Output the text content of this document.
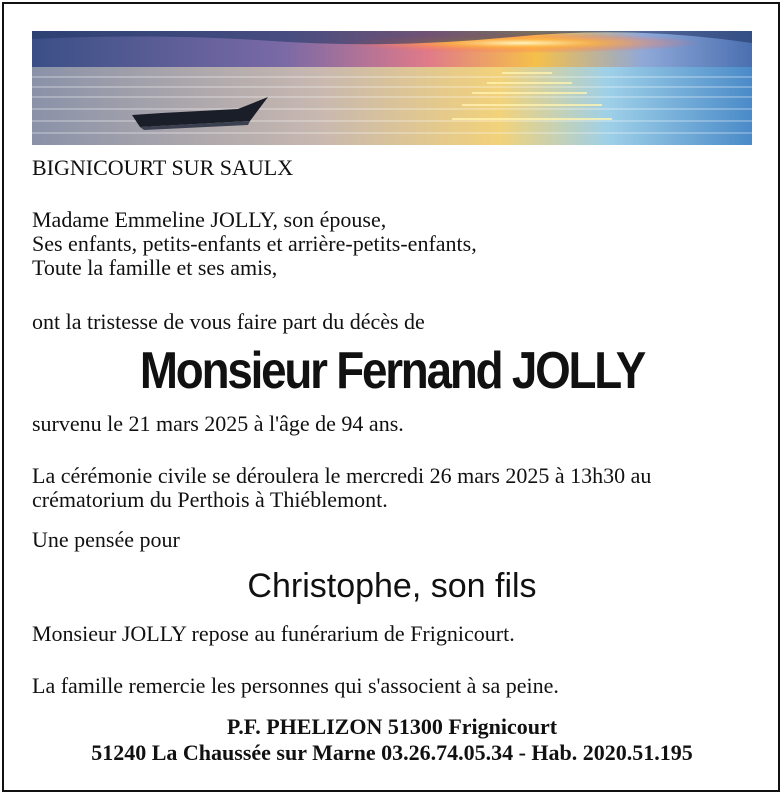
BIGNICOURT SUR SAULX
Madame Emmeline JOLLY, son épouse,
Ses enfants, petits-enfants et arrière-petits-enfants,
Toute la famille et ses amis,
ont la tristesse de vous faire part du décès de
Monsieur Fernand JOLLY
survenu le 21 mars 2025 à l'âge de 94 ans.
La cérémonie civile se déroulera le mercredi 26 mars 2025 à 13h30 au
crématorium du Perthois à Thiéblemont.
Une pensée pour
Christophe, son fils
Monsieur JOLLY repose au funérarium de Frignicourt.
La famille remercie les personnes qui s'associent à sa peine.
P.F. PHELIZON 51300 Frignicourt
51240 La Chaussée sur Marne 03.26.74.05.34 - Hab. 2020.51.195
